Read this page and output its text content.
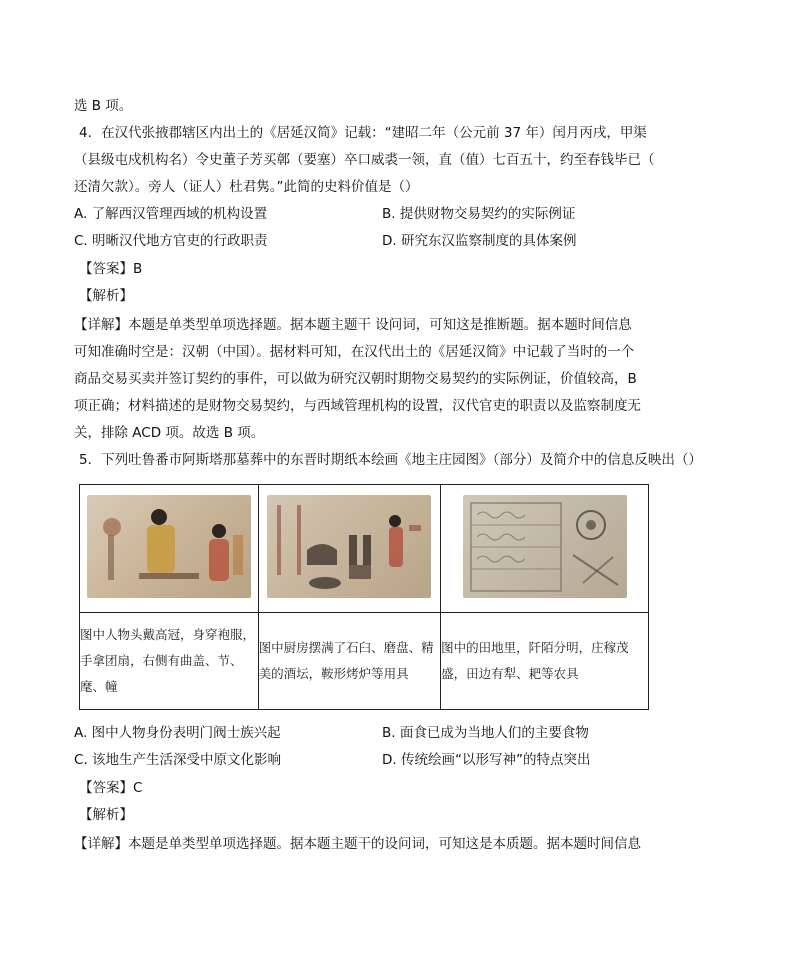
选 B 项。
4．在汉代张掖郡辖区内出土的《居延汉简》记载：“建昭二年（公元前 37 年）闰月丙戌，甲渠
（县级屯戍机构名）令史董子芳买鄣（要塞）卒口威裘一领，直（值）七百五十，约至春钱毕已（
还清欠款）。旁人（证人）杜君隽。”此简的史料价值是（）
A. 了解西汉管理西域的机构设置	B. 提供财物交易契约的实际例证
C. 明晰汉代地方官吏的行政职责	D. 研究东汉监察制度的具体案例
【答案】B
【解析】
【详解】本题是单类型单项选择题。据本题主题干 设问词，可知这是推断题。据本题时间信息
可知准确时空是：汉朝（中国）。据材料可知，在汉代出土的《居延汉简》中记载了当时的一个
商品交易买卖并签订契约的事件，可以做为研究汉朝时期物交易契约的实际例证，价值较高，B
项正确；材料描述的是财物交易契约，与西域管理机构的设置，汉代官吏的职责以及监察制度无
关，排除 ACD 项。故选 B 项。
5．下列吐鲁番市阿斯塔那墓葬中的东晋时期纸本绘画《地主庄园图》（部分）及简介中的信息反映出（）

图中人物头戴高冠，身穿袍服，手拿团扇，右侧有曲盖、节、麾、幢	图中厨房摆满了石臼、磨盘、精美的酒坛，鞍形烤炉等用具	图中的田地里，阡陌分明，庄稼茂盛，田边有犁、耙等农具
A. 图中人物身份表明门阀士族兴起	B. 面食已成为当地人们的主要食物
C. 该地生产生活深受中原文化影响	D. 传统绘画“以形写神”的特点突出
【答案】C
【解析】
【详解】本题是单类型单项选择题。据本题主题干的设问词，可知这是本质题。据本题时间信息
